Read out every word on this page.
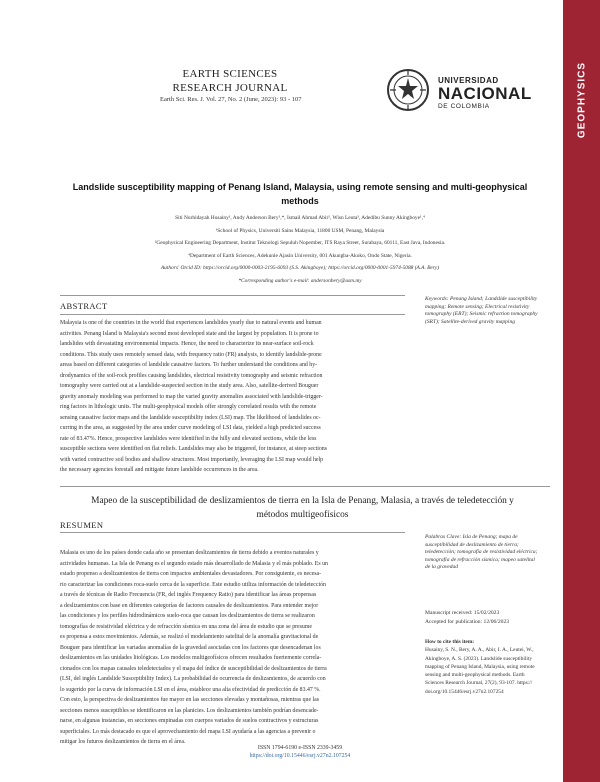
GEOPHYSICS
EARTH SCIENCES
RESEARCH JOURNAL
Earth Sci. Res. J. Vol. 27, No. 2 (June, 2023): 93 - 107
UNIVERSIDAD
NACIONAL
DE COLOMBIA
Landslide susceptibility mapping of Penang Island, Malaysia, using remote sensing and multi-geophysical
methods
Siti Nurhidayah Husainy¹, Andy Anderson Bery¹,*, Ismail Ahmad Abir², Wisn Leuta³, Adedibu Sunny Akingboye¹,⁴
¹School of Physics, Universiti Sains Malaysia, 11800 USM, Penang, Malaysia
²Geophysical Engineering Department, Institut Teknologi Sepuluh Nopember, ITS Raya Street, Surabaya, 60111, East Java, Indonesia.
⁴Department of Earth Sciences, Adekunle Ajasin University, 001 Akungba-Akoko, Ondo State, Nigeria.
Authors' Orcid ID: https://orcid.org/0000-0003-2195-6093 (S.S. Akingboye); https://orcid.org/0000-0001-5974-5088 (A.A. Bery)
*Corresponding author's e-mail: andersonbery@usm.my
ABSTRACT
Malaysia is one of the countries in the world that experiences landslides yearly due to natural events and human
activities. Penang Island is Malaysia's second most developed state and the largest by population. It is prone to
landslides with devastating environmental impacts. Hence, the need to characterize its near-surface soil-rock
conditions. This study uses remotely sensed data, with frequency ratio (FR) analysis, to identify landslide-prone
areas based on different categories of landslide causative factors. To further understand the conditions and hy-
drodynamics of the soil-rock profiles causing landslides, electrical resistivity tomography and seismic refraction
tomography were carried out at a landslide-suspected section in the study area. Also, satellite-derived Bouguer
gravity anomaly modeling was performed to map the varied gravity anomalies associated with landslide-trigger-
ring factors in lithologic units. The multi-geophysical models offer strongly correlated results with the remote
sensing causative factor maps and the landslide susceptibility index (LSI) map. The likelihood of landslides oc-
curring in the area, as suggested by the area under curve modeling of LSI data, yielded a high predicted success
rate of 83.47%. Hence, prospective landslides were identified in the hilly and elevated sections, while the less
susceptible sections were identified on flat reliefs. Landslides may also be triggered, for instance, at steep sections
with varied contractive soil bodies and shallow structures. Most importantly, leveraging the LSI map would help
the necessary agencies forestall and mitigate future landslide occurrences in the area.
Keywords: Penang Island; Landslide susceptibility
mapping; Remote sensing; Electrical resistivity
tomography (ERT); Seismic refraction tomography
(SRT); Satellite-derived gravity mapping
Mapeo de la susceptibilidad de deslizamientos de tierra en la Isla de Penang, Malasia, a través de teledetección y
métodos multigeofísicos
RESUMEN
Malasia es uno de los países donde cada año se presentan deslizamientos de tierra debido a eventos naturales y
actividades humanas. La Isla de Penang es el segundo estado más desarrollado de Malasia y el más poblado. Es un
estado propenso a deslizamientos de tierra con impactos ambientales devastadores. Por consiguiente, es necesa-
rio caracterizar las condiciones roca-suelo cerca de la superficie. Este estudio utiliza información de teledetección
a través de técnicas de Radio Frecuencia (FR, del inglés Frequency Ratio) para identificar las áreas propensas
a deslizamientos con base en diferentes categorías de factores causales de deslizamientos. Para entender mejor
las condiciones y los perfiles hidrodinámicos suelo-roca que causan los deslizamientos de tierra se realizaron
tomografías de resistividad eléctrica y de refracción sísmica en una zona del área de estudio que se presume
es propensa a estos movimientos. Además, se realizó el modelamiento satelital de la anomalía gravitacional de
Bouguer para identificar las variadas anomalías de la gravedad asociadas con los factores que desencadenan los
deslizamientos en las unidades litológicas. Los modelos multigeofísicos ofrecen resultados fuertemente correla-
cionados con los mapas causales teledetectados y el mapa del índice de susceptibilidad de deslizamientos de tierra
(LSI, del inglés Landslide Susceptibility Index). La probabilidad de ocurrencia de deslizamientos, de acuerdo con
lo sugerido por la curva de información LSI en el área, establece una alta efectividad de predicción de 83.47 %.
Con esto, la perspectiva de deslizamientos fue mayor en las secciones elevadas y montañosas, mientras que las
secciones menos susceptibles se identificaron en las planicies. Los deslizamientos también podrían desencade-
narse, en algunas instancias, en secciones empinadas con cuerpos variados de suelos contractivos y estructuras
superficiales. Lo más destacado es que el aprovechamiento del mapa LSI ayudaría a las agencias a prevenir o
mitigar los futuros deslizamientos de tierra en el área.
Palabras Clave: Isla de Penang; mapa de
susceptibilidad de deslizamiento de tierra;
teledetección; tomografía de resistividad eléctrica;
tomografía de refracción sísmica; mapeo satelital
de la gravedad
Manuscript received: 15/02/2023
Accepted for publication: 12/06/2023
How to cite this item:
Husainy, S. N., Bery, A. A., Abir, I. A., Leutei, W.,
Akingboye, A. S. (2023). Landslide susceptibility
mapping of Penang Island, Malaysia, using remote
sensing and multi-geophysical methods. Earth
Sciences Research Journal, 27(2), 93-107. https://
doi.org/10.15446/esrj.v27n2.107254
ISSN 1794-6190 e-ISSN 2339-3459
https://doi.org/10.15446/esrj.v27n2.107254
